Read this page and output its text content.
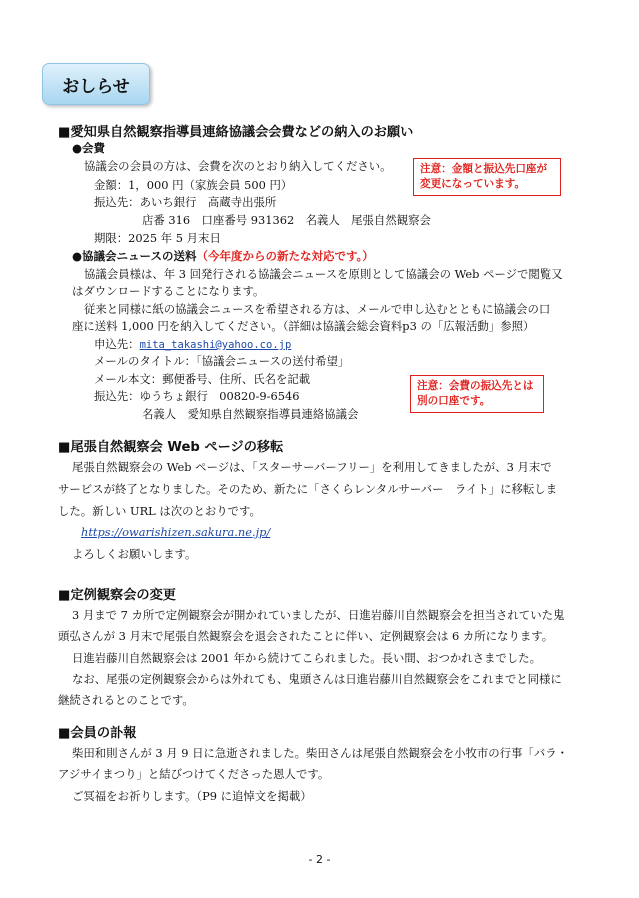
おしらせ
■愛知県自然観察指導員連絡協議会会費などの納入のお願い
●会費
協議会の会員の方は、会費を次のとおり納入してください。
金額：1，000 円（家族会員 500 円）
振込先：あいち銀行　高蔵寺出張所
店番 316　口座番号 931362　名義人　尾張自然観察会
期限：2025 年 5 月末日
注意：金額と振込先口座が
変更になっています。
●協議会ニュースの送料（今年度からの新たな対応です。）
協議会員様は、年 3 回発行される協議会ニュースを原則として協議会の Web ページで閲覧又
はダウンロードすることになります。
従来と同様に紙の協議会ニュースを希望される方は、メールで申し込むとともに協議会の口
座に送料 1,000 円を納入してください。（詳細は協議会総会資料p3 の「広報活動」参照）
申込先：mita_takashi@yahoo.co.jp
メールのタイトル：「協議会ニュースの送付希望」
メール本文：郵便番号、住所、氏名を記載
振込先：ゆうちょ銀行　00820-9-6546
名義人　愛知県自然観察指導員連絡協議会
注意：会費の振込先とは
別の口座です。
■尾張自然観察会 Web ページの移転
尾張自然観察会の Web ページは、「スターサーバーフリー」を利用してきましたが、3 月末で
サービスが終了となりました。そのため、新たに「さくらレンタルサーバー　ライト」に移転しま
した。新しい URL は次のとおりです。
https://owarishizen.sakura.ne.jp/
よろしくお願いします。
■定例観察会の変更
3 月まで 7 カ所で定例観察会が開かれていましたが、日進岩藤川自然観察会を担当されていた鬼
頭弘さんが 3 月末で尾張自然観察会を退会されたことに伴い、定例観察会は 6 カ所になります。
日進岩藤川自然観察会は 2001 年から続けてこられました。長い間、おつかれさまでした。
なお、尾張の定例観察会からは外れても、鬼頭さんは日進岩藤川自然観察会をこれまでと同様に
継続されるとのことです。
■会員の訃報
柴田和則さんが 3 月 9 日に急逝されました。柴田さんは尾張自然観察会を小牧市の行事「バラ・
アジサイまつり」と結びつけてくださった恩人です。
ご冥福をお祈りします。（P9 に追悼文を掲載）
- 2 -
